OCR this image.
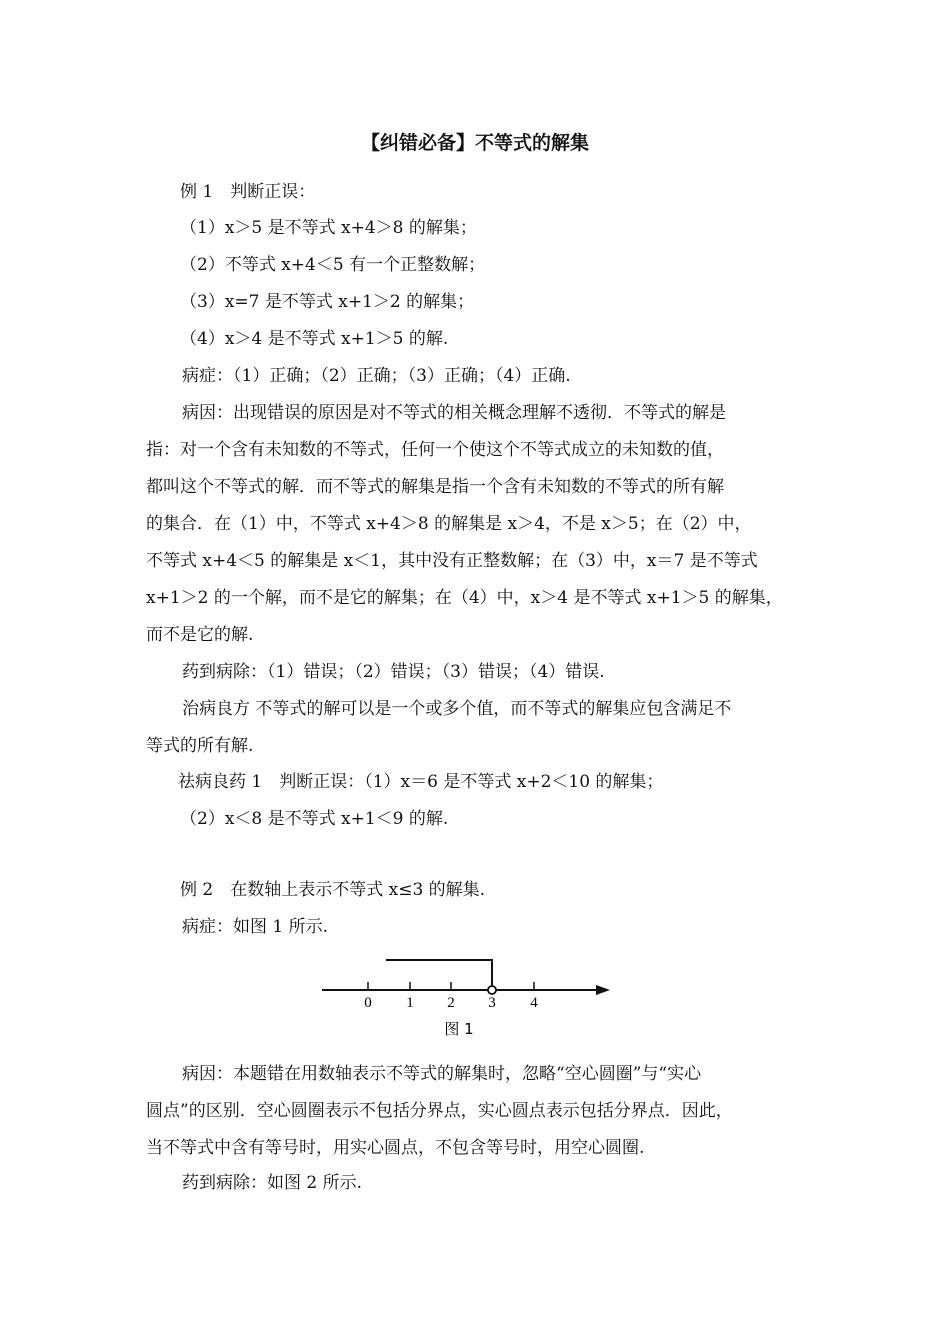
【纠错必备】不等式的解集
例 1　判断正误：
（1）x＞5 是不等式 x+4＞8 的解集；
（2）不等式 x+4＜5 有一个正整数解；
（3）x=7 是不等式 x+1＞2 的解集；
（4）x＞4 是不等式 x+1＞5 的解.
病症：（1）正确；（2）正确；（3）正确；（4）正确.
病因：出现错误的原因是对不等式的相关概念理解不透彻．不等式的解是
指：对一个含有未知数的不等式，任何一个使这个不等式成立的未知数的值，
都叫这个不等式的解．而不等式的解集是指一个含有未知数的不等式的所有解
的集合．在（1）中，不等式 x+4＞8 的解集是 x＞4，不是 x＞5；在（2）中，
不等式 x+4＜5 的解集是 x＜1，其中没有正整数解；在（3）中，x＝7 是不等式
x+1＞2 的一个解，而不是它的解集；在（4）中，x＞4 是不等式 x+1＞5 的解集，
而不是它的解.
药到病除：（1）错误；（2）错误；（3）错误；（4）错误.
治病良方 不等式的解可以是一个或多个值，而不等式的解集应包含满足不
等式的所有解.
祛病良药 1　判断正误：（1）x＝6 是不等式 x+2＜10 的解集；
（2）x＜8 是不等式 x+1＜9 的解.
例 2　在数轴上表示不等式 x≤3 的解集.
病症：如图 1 所示.
0 1 2 3 4
图 1
病因：本题错在用数轴表示不等式的解集时，忽略“空心圆圈”与“实心
圆点”的区别．空心圆圈表示不包括分界点，实心圆点表示包括分界点．因此，
当不等式中含有等号时，用实心圆点，不包含等号时，用空心圆圈.
药到病除：如图 2 所示.
